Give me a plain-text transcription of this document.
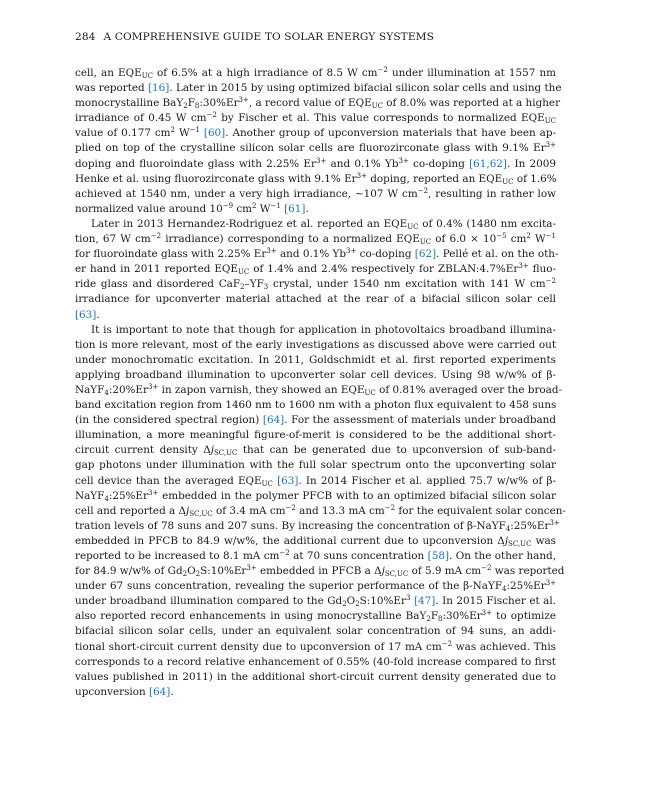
284 A COMPREHENSIVE GUIDE TO SOLAR ENERGY SYSTEMS
cell, an $EQE_{UC}$ of 6.5% at a high irradiance of 8.5 W $cm^{-2}$ under illumination at 1557 nm
was reported [16]. Later in 2015 by using optimized bifacial silicon solar cells and using the
monocrystalline $BaY_2F_8:30\%Er^{3+}$, a record value of $EQE_{UC}$ of 8.0% was reported at a higher
irradiance of 0.45 W $cm^{-2}$ by Fischer et al. This value corresponds to normalized $EQE_{UC}$
value of 0.177 $cm^2$ $W^{-1}$ [60]. Another group of upconversion materials that have been ap-
plied on top of the crystalline silicon solar cells are fluorozirconate glass with 9.1% $Er^{3+}$
doping and fluoroindate glass with 2.25% $Er^{3+}$ and 0.1% $Yb^{3+}$ co-doping [61,62]. In 2009
Henke et al. using fluorozirconate glass with 9.1% $Er^{3+}$ doping, reported an $EQE_{UC}$ of 1.6%
achieved at 1540 nm, under a very high irradiance, ~107 W $cm^{-2}$, resulting in rather low
normalized value around $10^{-9}$ $cm^2$ $W^{-1}$ [61].
Later in 2013 Hernandez-Rodriguez et al. reported an $EQE_{UC}$ of 0.4% (1480 nm excita-
tion, 67 W $cm^{-2}$ irradiance) corresponding to a normalized $EQE_{UC}$ of $6.0 \times 10^{-5}$ $cm^2$ $W^{-1}$
for fluoroindate glass with 2.25% $Er^{3+}$ and 0.1% $Yb^{3+}$ co-doping [62]. Pellé et al. on the oth-
er hand in 2011 reported $EQE_{UC}$ of 1.4% and 2.4% respectively for $ZBLAN:4.7\%Er^{3+}$ fluo-
ride glass and disordered $CaF_2-YF_3$ crystal, under 1540 nm excitation with 141 W $cm^{-2}$
irradiance for upconverter material attached at the rear of a bifacial silicon solar cell
[63].
It is important to note that though for application in photovoltaics broadband illumina-
tion is more relevant, most of the early investigations as discussed above were carried out
under monochromatic excitation. In 2011, Goldschmidt et al. first reported experiments
applying broadband illumination to upconverter solar cell devices. Using 98 w/w% of β-
$NaYF_4:20\%Er^{3+}$ in zapon varnish, they showed an $EQE_{UC}$ of 0.81% averaged over the broad-
band excitation region from 1460 nm to 1600 nm with a photon flux equivalent to 458 suns
(in the considered spectral region) [64]. For the assessment of materials under broadband
illumination, a more meaningful figure-of-merit is considered to be the additional short-
circuit current density $\Delta j_{SC,UC}$ that can be generated due to upconversion of sub-band-
gap photons under illumination with the full solar spectrum onto the upconverting solar
cell device than the averaged $EQE_{UC}$ [63]. In 2014 Fischer et al. applied 75.7 w/w% of β-
$NaYF_4:25\%Er^{3+}$ embedded in the polymer PFCB with to an optimized bifacial silicon solar
cell and reported a $\Delta j_{SC,UC}$ of 3.4 mA $cm^{-2}$ and 13.3 mA $cm^{-2}$ for the equivalent solar concen-
tration levels of 78 suns and 207 suns. By increasing the concentration of $\beta-NaYF_4:25\%Er^{3+}$
embedded in PFCB to 84.9 w/w%, the additional current due to upconversion $\Delta j_{SC,UC}$ was
reported to be increased to 8.1 mA $cm^{-2}$ at 70 suns concentration [58]. On the other hand,
for 84.9 w/w% of $Gd_2O_2S:10\%Er^{3+}$ embedded in PFCB a $\Delta j_{SC,UC}$ of 5.9 mA $cm^{-2}$ was reported
under 67 suns concentration, revealing the superior performance of the $\beta-NaYF_4:25\%Er^{3+}$
under broadband illumination compared to the $Gd_2O_2S:10\%Er^3$ [47]. In 2015 Fischer et al.
also reported record enhancements in using monocrystalline $BaY_2F_8:30\%Er^{3+}$ to optimize
bifacial silicon solar cells, under an equivalent solar concentration of 94 suns, an addi-
tional short-circuit current density due to upconversion of 17 mA $cm^{-2}$ was achieved. This
corresponds to a record relative enhancement of 0.55% (40-fold increase compared to first
values published in 2011) in the additional short-circuit current density generated due to
upconversion [64].
